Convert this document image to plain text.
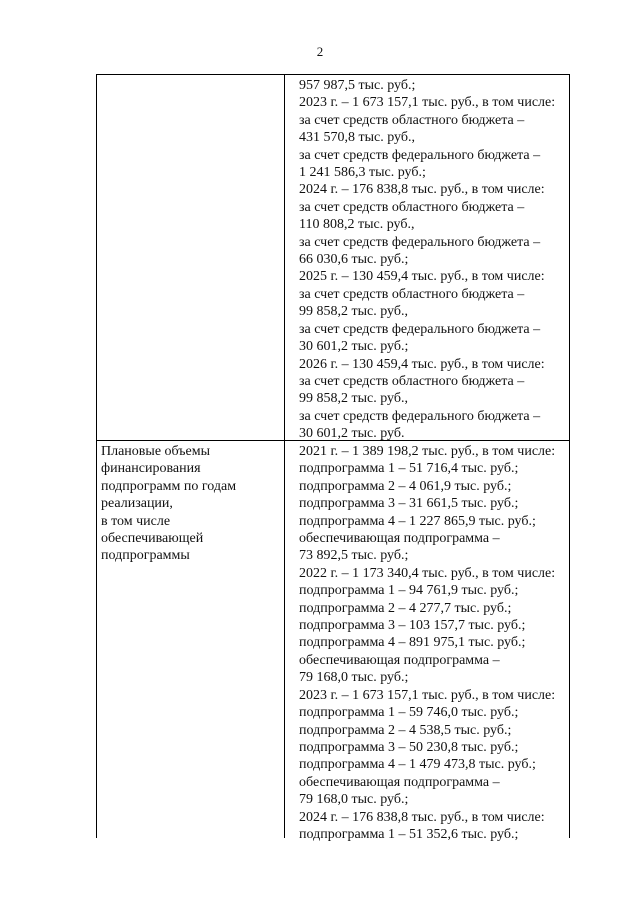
2
957 987,5 тыс. руб.;
2023 г. – 1 673 157,1 тыс. руб., в том числе:
за счет средств областного бюджета –
431 570,8 тыс. руб.,
за счет средств федерального бюджета –
1 241 586,3 тыс. руб.;
2024 г. – 176 838,8 тыс. руб., в том числе:
за счет средств областного бюджета –
110 808,2 тыс. руб.,
за счет средств федерального бюджета –
66 030,6 тыс. руб.;
2025 г. – 130 459,4 тыс. руб., в том числе:
за счет средств областного бюджета –
99 858,2 тыс. руб.,
за счет средств федерального бюджета –
30 601,2 тыс. руб.;
2026 г. – 130 459,4 тыс. руб., в том числе:
за счет средств областного бюджета –
99 858,2 тыс. руб.,
за счет средств федерального бюджета –
30 601,2 тыс. руб.
Плановые объемы
финансирования
подпрограмм по годам
реализации,
в том числе
обеспечивающей
подпрограммы
2021 г. – 1 389 198,2 тыс. руб., в том числе:
подпрограмма 1 – 51 716,4 тыс. руб.;
подпрограмма 2 – 4 061,9 тыс. руб.;
подпрограмма 3 – 31 661,5 тыс. руб.;
подпрограмма 4 – 1 227 865,9 тыс. руб.;
обеспечивающая подпрограмма –
73 892,5 тыс. руб.;
2022 г. – 1 173 340,4 тыс. руб., в том числе:
подпрограмма 1 – 94 761,9 тыс. руб.;
подпрограмма 2 – 4 277,7 тыс. руб.;
подпрограмма 3 – 103 157,7 тыс. руб.;
подпрограмма 4 – 891 975,1 тыс. руб.;
обеспечивающая подпрограмма –
79 168,0 тыс. руб.;
2023 г. – 1 673 157,1 тыс. руб., в том числе:
подпрограмма 1 – 59 746,0 тыс. руб.;
подпрограмма 2 – 4 538,5 тыс. руб.;
подпрограмма 3 – 50 230,8 тыс. руб.;
подпрограмма 4 – 1 479 473,8 тыс. руб.;
обеспечивающая подпрограмма –
79 168,0 тыс. руб.;
2024 г. – 176 838,8 тыс. руб., в том числе:
подпрограмма 1 – 51 352,6 тыс. руб.;
